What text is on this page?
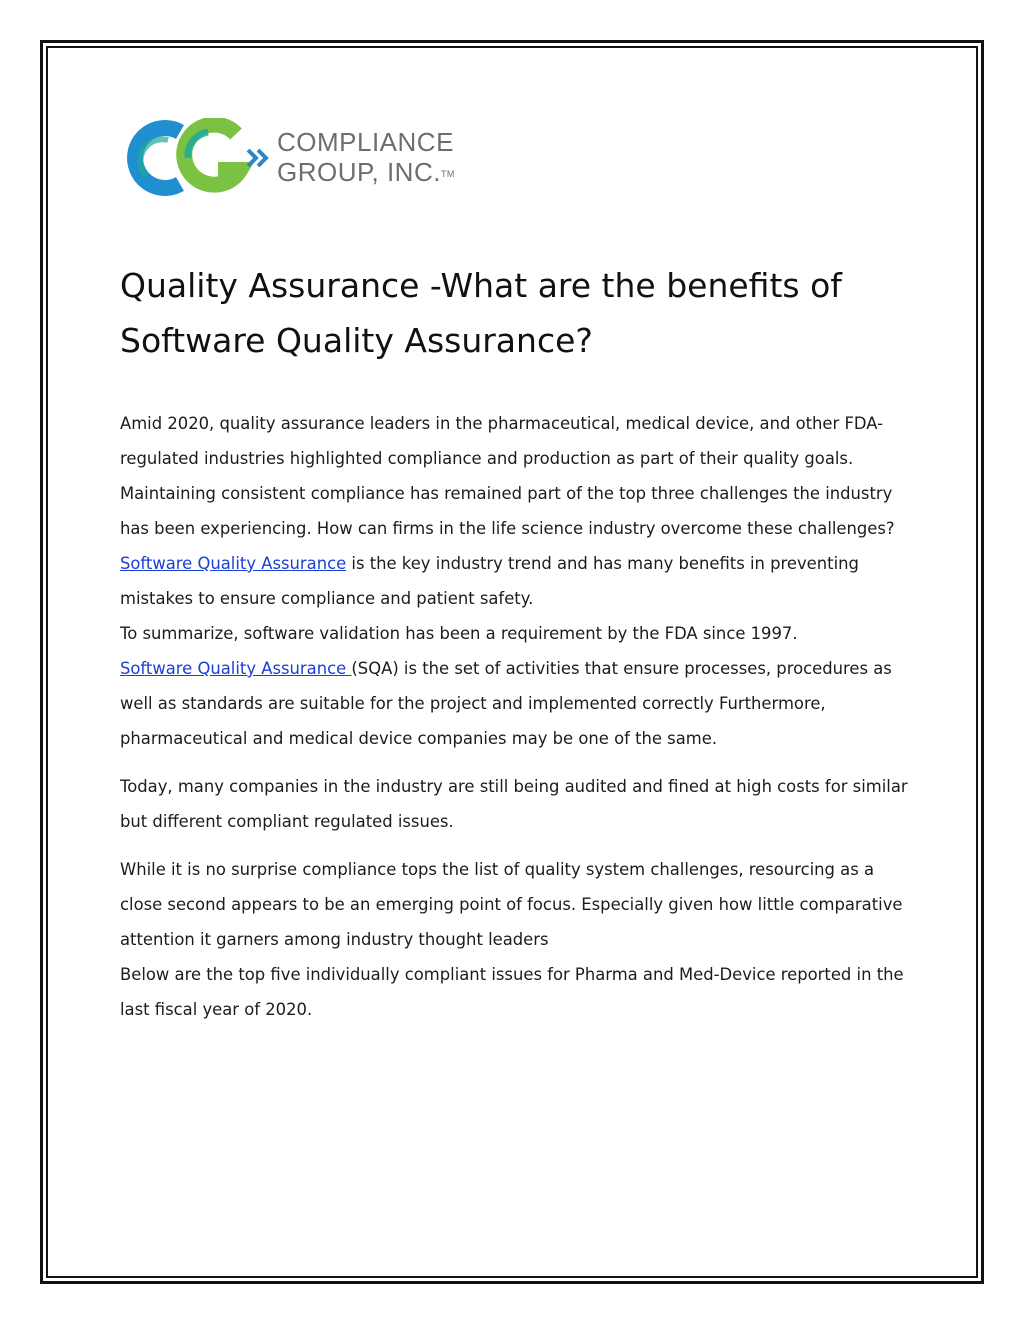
COMPLIANCE
GROUP, INC.™
Quality Assurance -What are the benefits of Software Quality Assurance?

Amid 2020, quality assurance leaders in the pharmaceutical, medical device, and other FDA-regulated industries highlighted compliance and production as part of their quality goals. Maintaining consistent compliance has remained part of the top three challenges the industry has been experiencing. How can firms in the life science industry overcome these challenges? Software Quality Assurance is the key industry trend and has many benefits in preventing mistakes to ensure compliance and patient safety.

To summarize, software validation has been a requirement by the FDA since 1997.

Software Quality Assurance (SQA) is the set of activities that ensure processes, procedures as well as standards are suitable for the project and implemented correctly Furthermore, pharmaceutical and medical device companies may be one of the same.

Today, many companies in the industry are still being audited and fined at high costs for similar but different compliant regulated issues.

While it is no surprise compliance tops the list of quality system challenges, resourcing as a close second appears to be an emerging point of focus. Especially given how little comparative attention it garners among industry thought leaders

Below are the top five individually compliant issues for Pharma and Med-Device reported in the last fiscal year of 2020.
